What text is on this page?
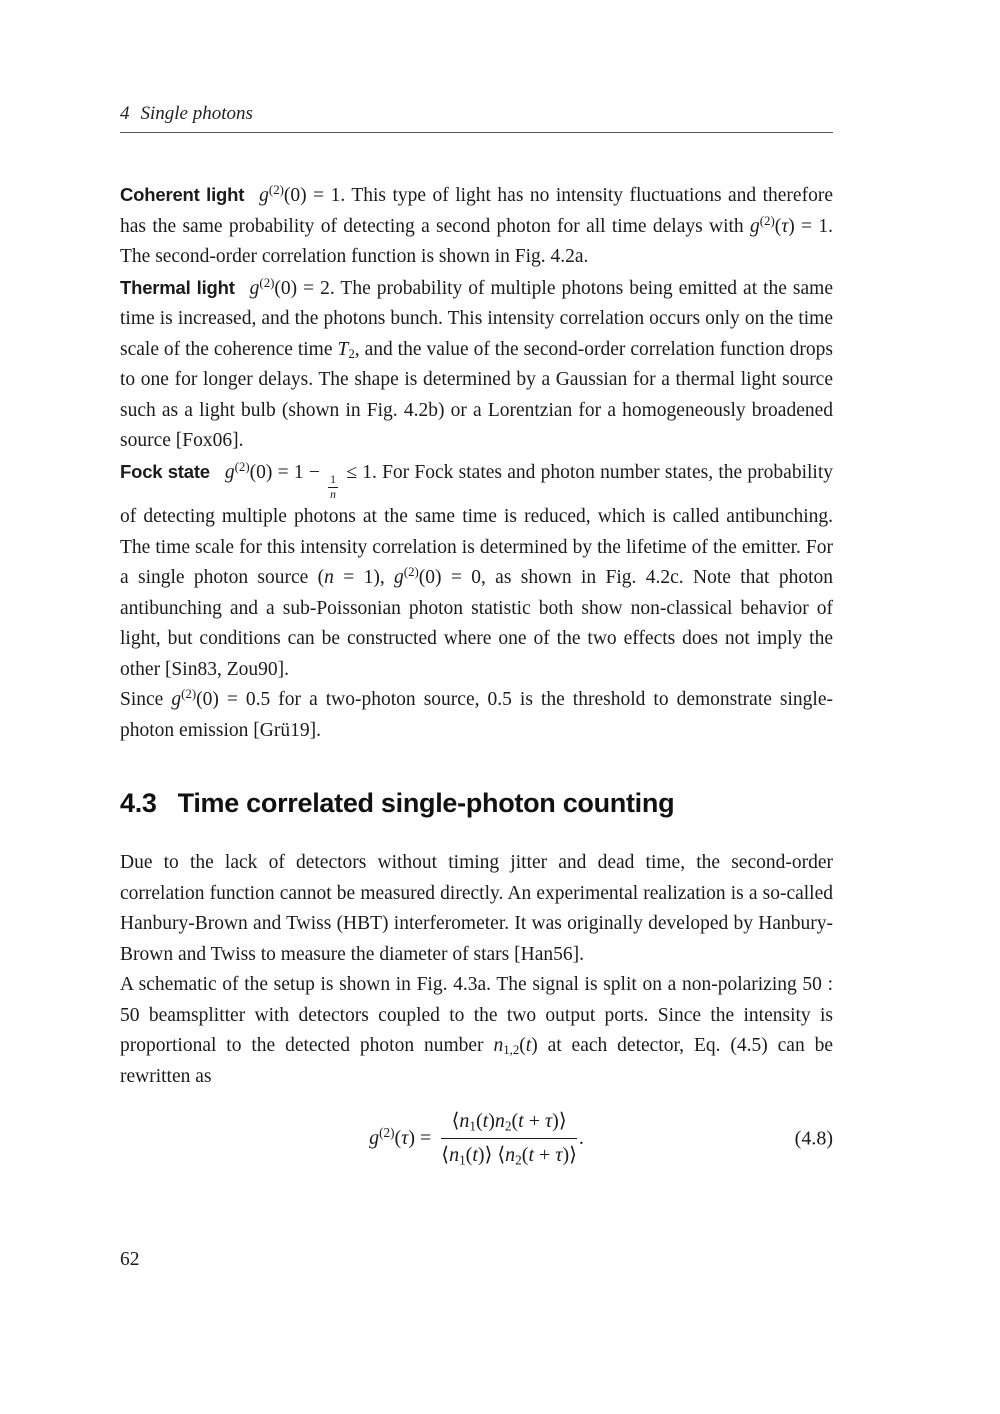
4 Single photons

Coherent light $g^{(2)}(0) = 1$. This type of light has no intensity fluctuations and therefore has the same probability of detecting a second photon for all time delays with $g^{(2)}(\tau) = 1$. The second-order correlation function is shown in Fig. 4.2a.

Thermal light $g^{(2)}(0) = 2$. The probability of multiple photons being emitted at the same time is increased, and the photons bunch. This intensity correlation occurs only on the time scale of the coherence time $T_2$, and the value of the second-order correlation function drops to one for longer delays. The shape is determined by a Gaussian for a thermal light source such as a light bulb (shown in Fig. 4.2b) or a Lorentzian for a homogeneously broadened source [Fox06].

Fock state $g^{(2)}(0) = 1$ −
$\frac{1}{n}$
≤ 1. For Fock states and photon number states, the probability of detecting multiple photons at the same time is reduced, which is called antibunching. The time scale for this intensity correlation is determined by the lifetime of the emitter. For a single photon source (n = 1), $g^{(2)}(0) = 0$, as shown in Fig. 4.2c. Note that photon antibunching and a sub-Poissonian photon statistic both show non-classical behavior of light, but conditions can be constructed where one of the two effects does not imply the other [Sin83, Zou90].

Since $g^{(2)}(0) = 0.5$ for a two-photon source, 0.5 is the threshold to demonstrate single-photon emission [Grü19].

4.3 Time correlated single-photon counting

Due to the lack of detectors without timing jitter and dead time, the second-order correlation function cannot be measured directly. An experimental realization is a so-called Hanbury-Brown and Twiss (HBT) interferometer. It was originally developed by Hanbury-Brown and Twiss to measure the diameter of stars [Han56].

A schematic of the setup is shown in Fig. 4.3a. The signal is split on a non-polarizing 50 : 50 beamsplitter with detectors coupled to the two output ports. Since the intensity is proportional to the detected photon number $n_{1,2}(t)$ at each detector, Eq. (4.5) can be rewritten as

$g^{(2)}(\tau) = \frac{⟨n_1(t)n_2(t + \tau)⟩}{⟨n_1(t)⟩ ⟨n_2(t + \tau)⟩}$ .	(4.8)
62
